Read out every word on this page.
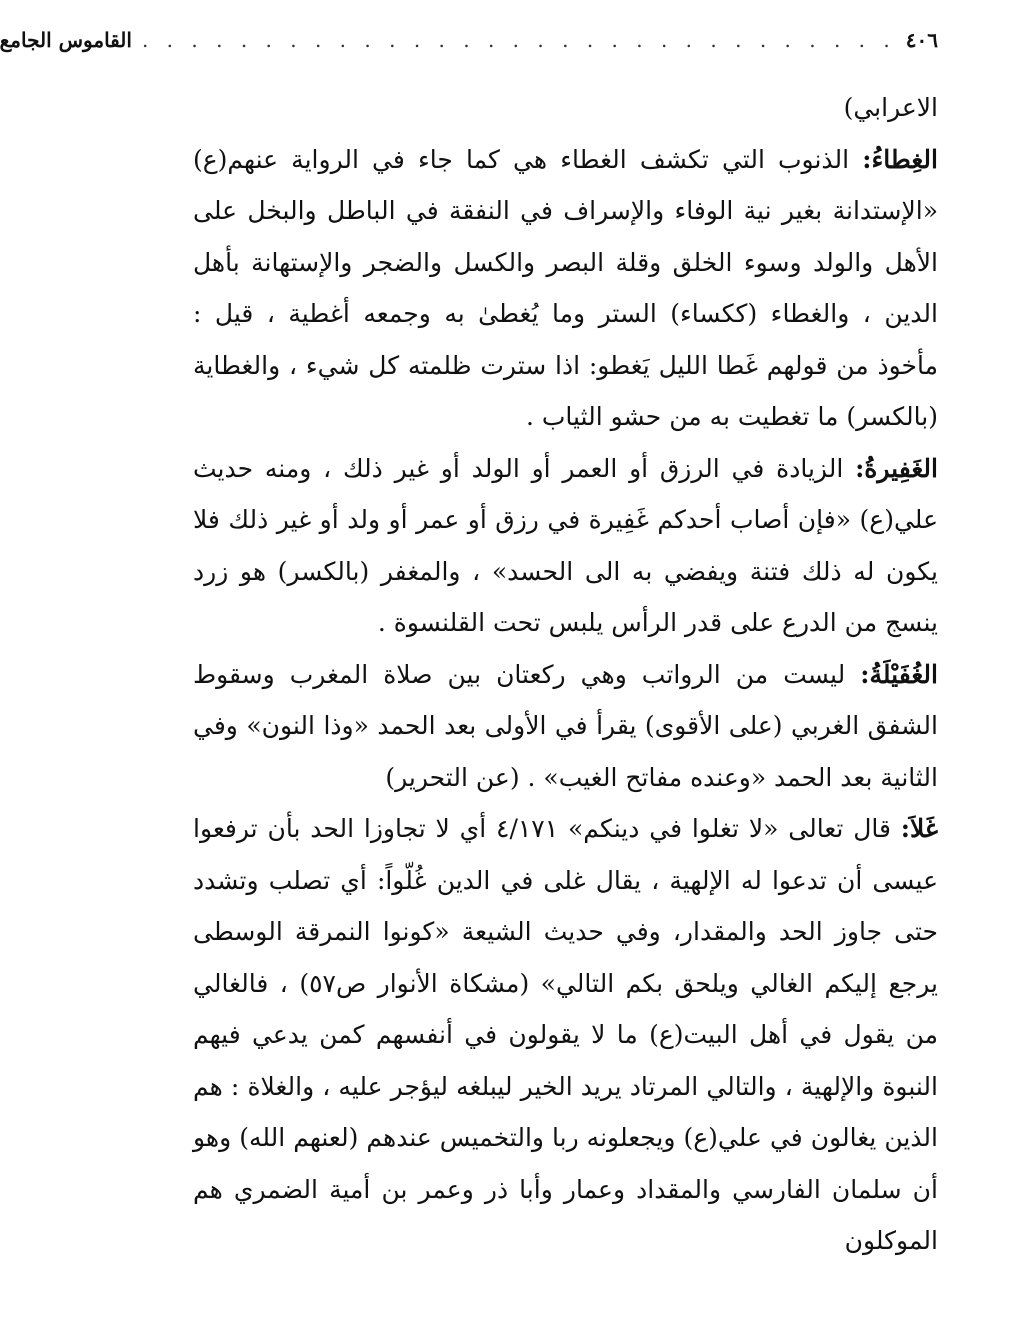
٤٠٦
. . . . . . . . . . . . . . . . . . . . . . . . . . . . . . .
القاموس الجامع

الاعرابي)

الغِطاءُ: الذنوب التي تكشف الغطاء هي كما جاء في الرواية عنهم(ع) «الإستدانة بغير نية الوفاء والإسراف في النفقة في الباطل والبخل على الأهل والولد وسوء الخلق وقلة البصر والكسل والضجر والإستهانة بأهل الدين ، والغطاء (ككساء) الستر وما يُغطىٰ به وجمعه أغطية ، قيل : مأخوذ من قولهم غَطا الليل يَغطو: اذا سترت ظلمته كل شيء ، والغطاية (بالكسر) ما تغطيت به من حشو الثياب .

الغَفِيرةُ: الزيادة في الرزق أو العمر أو الولد أو غير ذلك ، ومنه حديث علي(ع) «فإن أصاب أحدكم غَفِيرة في رزق أو عمر أو ولد أو غير ذلك فلا يكون له ذلك فتنة ويفضي به الى الحسد» ، والمغفر (بالكسر) هو زرد ينسج من الدرع على قدر الرأس يلبس تحت القلنسوة .

الغُفَيْلَةُ: ليست من الرواتب وهي ركعتان بين صلاة المغرب وسقوط الشفق الغربي (على الأقوى) يقرأ في الأولى بعد الحمد «وذا النون» وفي الثانية بعد الحمد «وعنده مفاتح الغيب» . (عن التحرير)

غَلاَ: قال تعالى «لا تغلوا في دينكم» ٤/١٧١ أي لا تجاوزا الحد بأن ترفعوا عيسى أن تدعوا له الإلهية ، يقال غلى في الدين غُلّواً: أي تصلب وتشدد حتى جاوز الحد والمقدار، وفي حديث الشيعة «كونوا النمرقة الوسطى يرجع إليكم الغالي ويلحق بكم التالي» (مشكاة الأنوار ص٥٧) ، فالغالي من يقول في أهل البيت(ع) ما لا يقولون في أنفسهم كمن يدعي فيهم النبوة والإلهية ، والتالي المرتاد يريد الخير ليبلغه ليؤجر عليه ، والغلاة : هم الذين يغالون في علي(ع) ويجعلونه ربا والتخميس عندهم (لعنهم الله) وهو أن سلمان الفارسي والمقداد وعمار وأبا ذر وعمر بن أمية الضمري هم الموكلون
